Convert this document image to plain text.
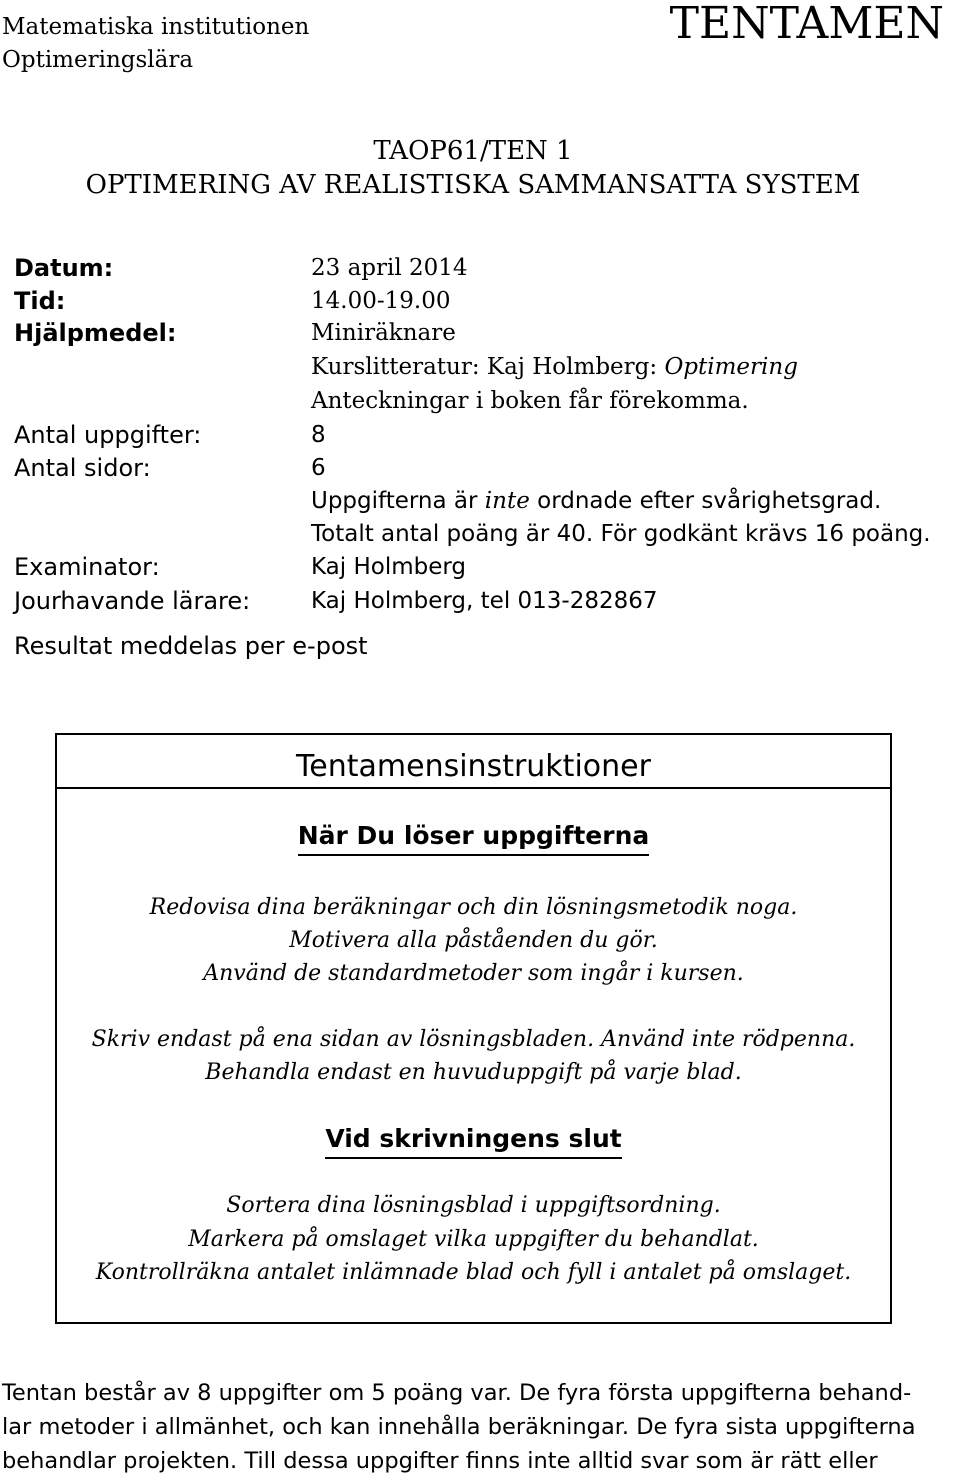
Matematiska institutionen
Optimeringslära
TENTAMEN
TAOP61/TEN 1
OPTIMERING AV REALISTISKA SAMMANSATTA SYSTEM
Datum:	23 april 2014
Tid:	14.00-19.00
Hjälpmedel:	Miniräknare
Kurslitteratur: Kaj Holmberg: Optimering
Anteckningar i boken får förekomma.
Antal uppgifter:	8
Antal sidor:	6
Uppgifterna är inte ordnade efter svårighetsgrad.
Totalt antal poäng är 40. För godkänt krävs 16 poäng.
Examinator:	Kaj Holmberg
Jourhavande lärare:	Kaj Holmberg, tel 013-282867
Resultat meddelas per e-post
Tentamensinstruktioner
När Du löser uppgifterna
Redovisa dina beräkningar och din lösningsmetodik noga.
Motivera alla påståenden du gör.
Använd de standardmetoder som ingår i kursen.
Skriv endast på ena sidan av lösningsbladen. Använd inte rödpenna.
Behandla endast en huvuduppgift på varje blad.
Vid skrivningens slut
Sortera dina lösningsblad i uppgiftsordning.
Markera på omslaget vilka uppgifter du behandlat.
Kontrollräkna antalet inlämnade blad och fyll i antalet på omslaget.
Tentan består av 8 uppgifter om 5 poäng var. De fyra första uppgifterna behand-
lar metoder i allmänhet, och kan innehålla beräkningar. De fyra sista uppgifterna
behandlar projekten. Till dessa uppgifter finns inte alltid svar som är rätt eller
